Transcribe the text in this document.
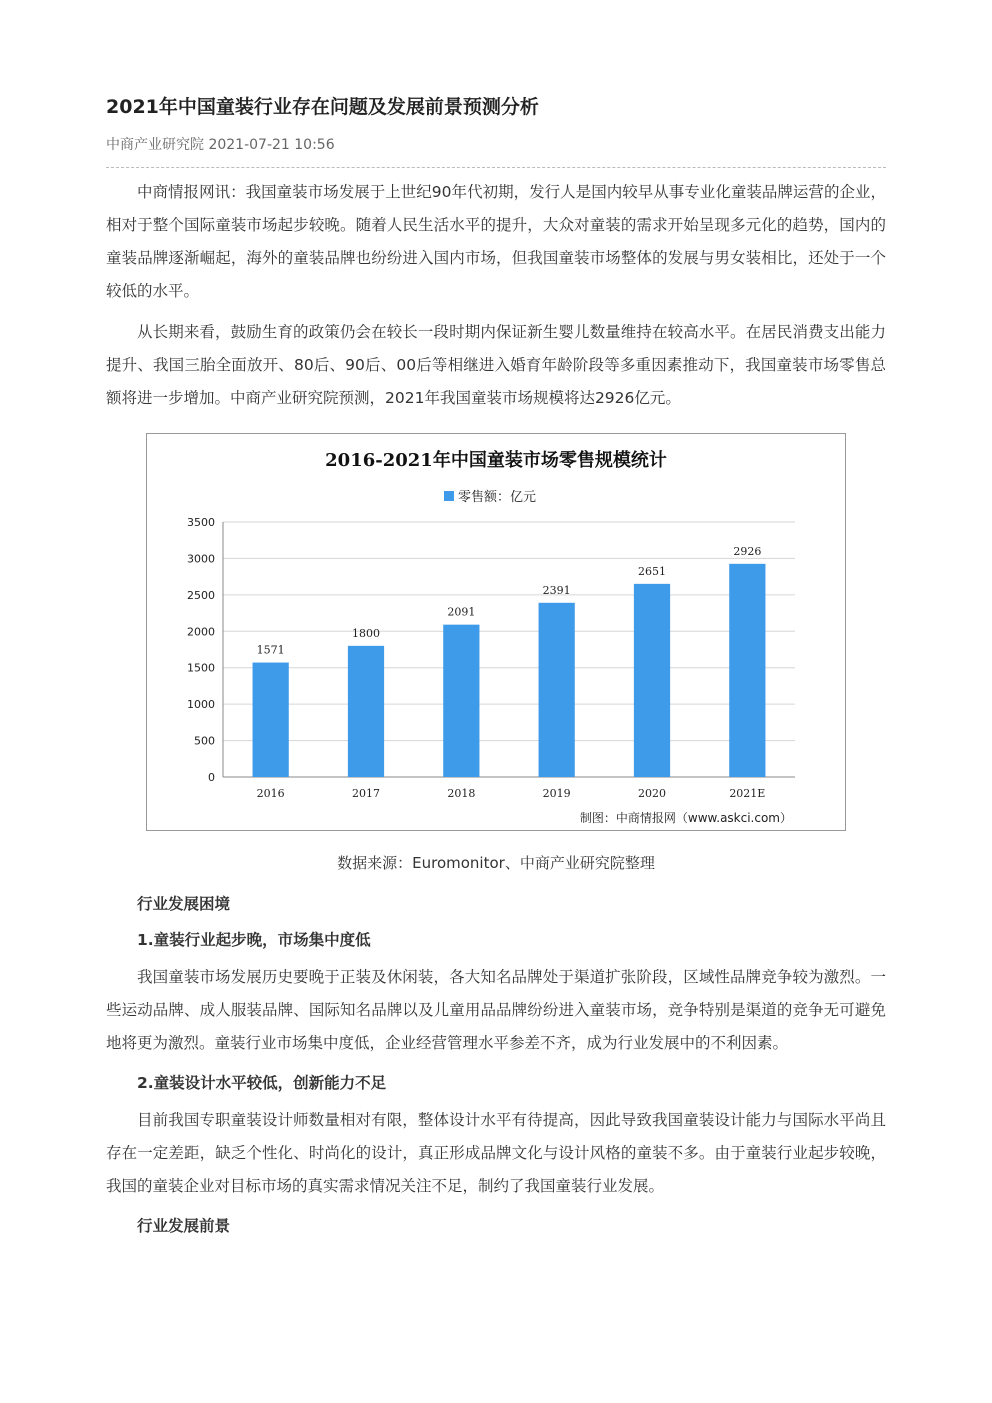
2021年中国童装行业存在问题及发展前景预测分析
中商产业研究院 2021-07-21 10:56

中商情报网讯：我国童装市场发展于上世纪90年代初期，发行人是国内较早从事专业化童装品牌运营的企业，相对于整个国际童装市场起步较晚。随着人民生活水平的提升，大众对童装的需求开始呈现多元化的趋势，国内的童装品牌逐渐崛起，海外的童装品牌也纷纷进入国内市场，但我国童装市场整体的发展与男女装相比，还处于一个较低的水平。

从长期来看，鼓励生育的政策仍会在较长一段时期内保证新生婴儿数量维持在较高水平。在居民消费支出能力提升、我国三胎全面放开、80后、90后、00后等相继进入婚育年龄阶段等多重因素推动下，我国童装市场零售总额将进一步增加。中商产业研究院预测，2021年我国童装市场规模将达2926亿元。

2016-2021年中国童装市场零售规模统计
零售额：亿元
0
500
1000
1500
2000
2500
3000
3500
1571
2016
1800
2017
2091
2018
2391
2019
2651
2020
2926
2021E
制图：中商情报网（www.askci.com）
数据来源：Euromonitor、中商产业研究院整理
行业发展困境
1.童装行业起步晚，市场集中度低

我国童装市场发展历史要晚于正装及休闲装，各大知名品牌处于渠道扩张阶段，区域性品牌竞争较为激烈。一些运动品牌、成人服装品牌、国际知名品牌以及儿童用品品牌纷纷进入童装市场，竞争特别是渠道的竞争无可避免地将更为激烈。童装行业市场集中度低，企业经营管理水平参差不齐，成为行业发展中的不利因素。

2.童装设计水平较低，创新能力不足

目前我国专职童装设计师数量相对有限，整体设计水平有待提高，因此导致我国童装设计能力与国际水平尚且存在一定差距，缺乏个性化、时尚化的设计，真正形成品牌文化与设计风格的童装不多。由于童装行业起步较晚，我国的童装企业对目标市场的真实需求情况关注不足，制约了我国童装行业发展。

行业发展前景
